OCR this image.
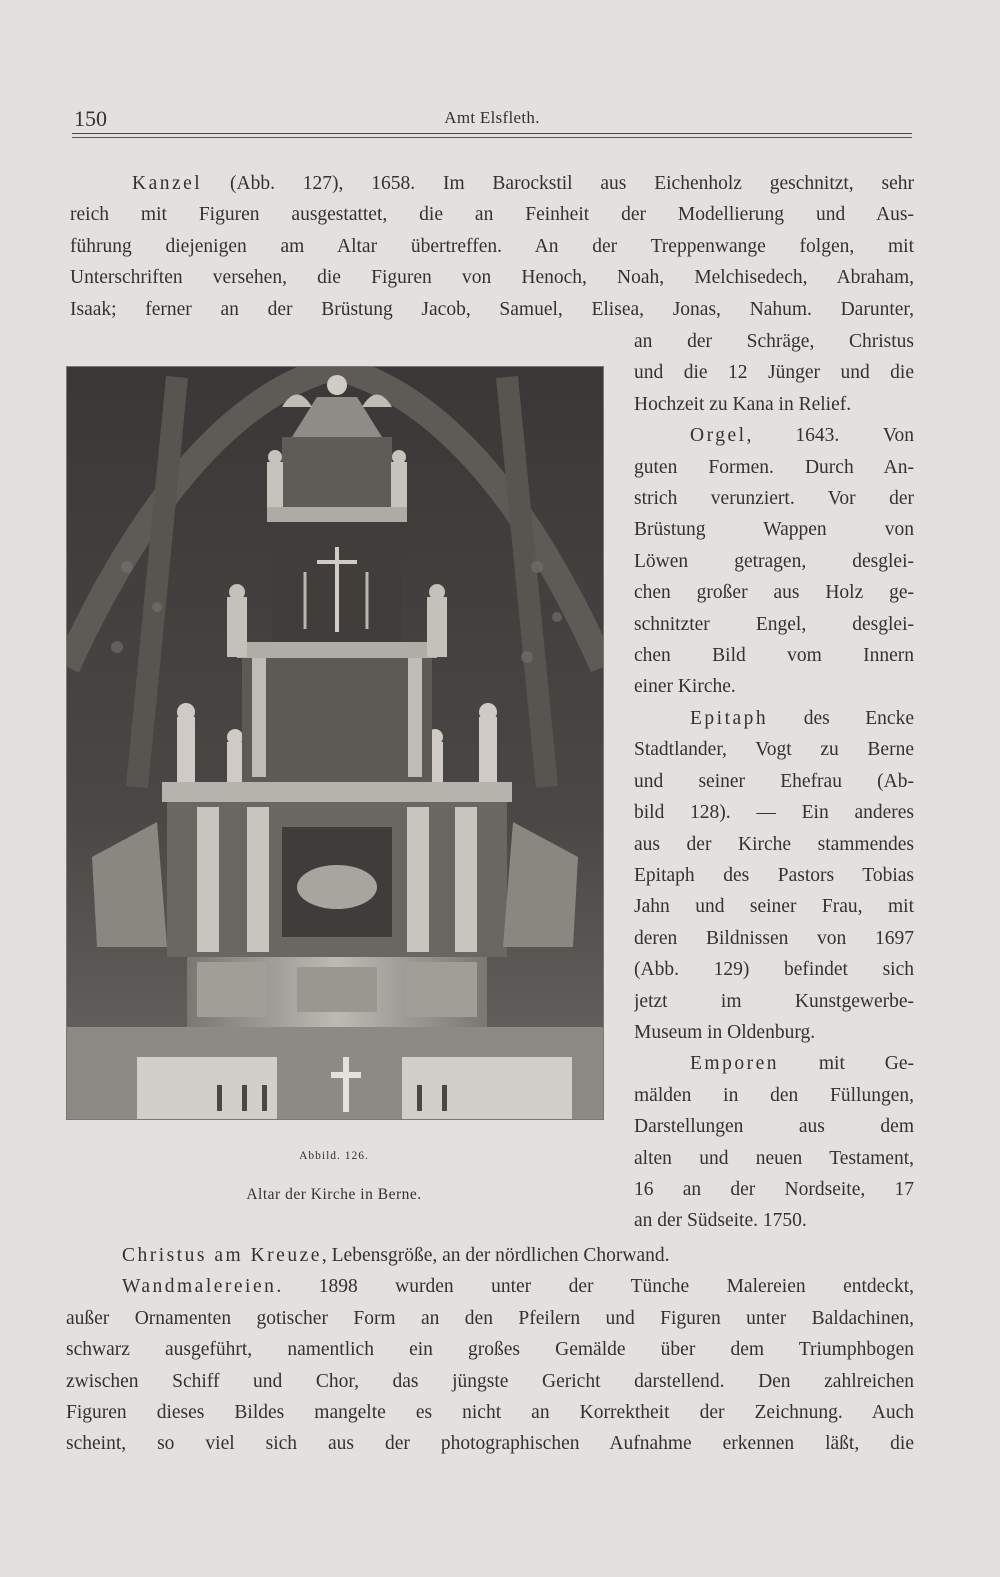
150	Amt Elsfleth.
Kanzel (Abb. 127), 1658. Im Barockstil aus Eichenholz geschnitzt, sehr
reich mit Figuren ausgestattet, die an Feinheit der Modellierung und Aus-
führung diejenigen am Altar übertreffen. An der Treppenwange folgen, mit
Unterschriften versehen, die Figuren von Henoch, Noah, Melchisedech, Abraham,
Isaak; ferner an der Brüstung Jacob, Samuel, Elisea, Jonas, Nahum. Darunter,
an der Schräge, Christus
und die 12 Jünger und die
Hochzeit zu Kana in Relief.
Orgel, 1643. Von
guten Formen. Durch An-
strich verunziert. Vor der
Brüstung Wappen von
Löwen getragen, desglei-
chen großer aus Holz ge-
schnitzter Engel, desglei-
chen Bild vom Innern
einer Kirche.
Epitaph des Encke
Stadtlander, Vogt zu Berne
und seiner Ehefrau (Ab-
bild 128). — Ein anderes
aus der Kirche stammendes
Epitaph des Pastors Tobias
Jahn und seiner Frau, mit
deren Bildnissen von 1697
(Abb. 129) befindet sich
jetzt im Kunstgewerbe-
Museum in Oldenburg.
Emporen mit Ge-
mälden in den Füllungen,
Darstellungen aus dem
alten und neuen Testament,
16 an der Nordseite, 17
an der Südseite. 1750.
Abbild. 126.
Altar der Kirche in Berne.
Christus am Kreuze, Lebensgröße, an der nördlichen Chorwand.
Wandmalereien. 1898 wurden unter der Tünche Malereien entdeckt,
außer Ornamenten gotischer Form an den Pfeilern und Figuren unter Baldachinen,
schwarz ausgeführt, namentlich ein großes Gemälde über dem Triumphbogen
zwischen Schiff und Chor, das jüngste Gericht darstellend. Den zahlreichen
Figuren dieses Bildes mangelte es nicht an Korrektheit der Zeichnung. Auch
scheint, so viel sich aus der photographischen Aufnahme erkennen läßt, die
